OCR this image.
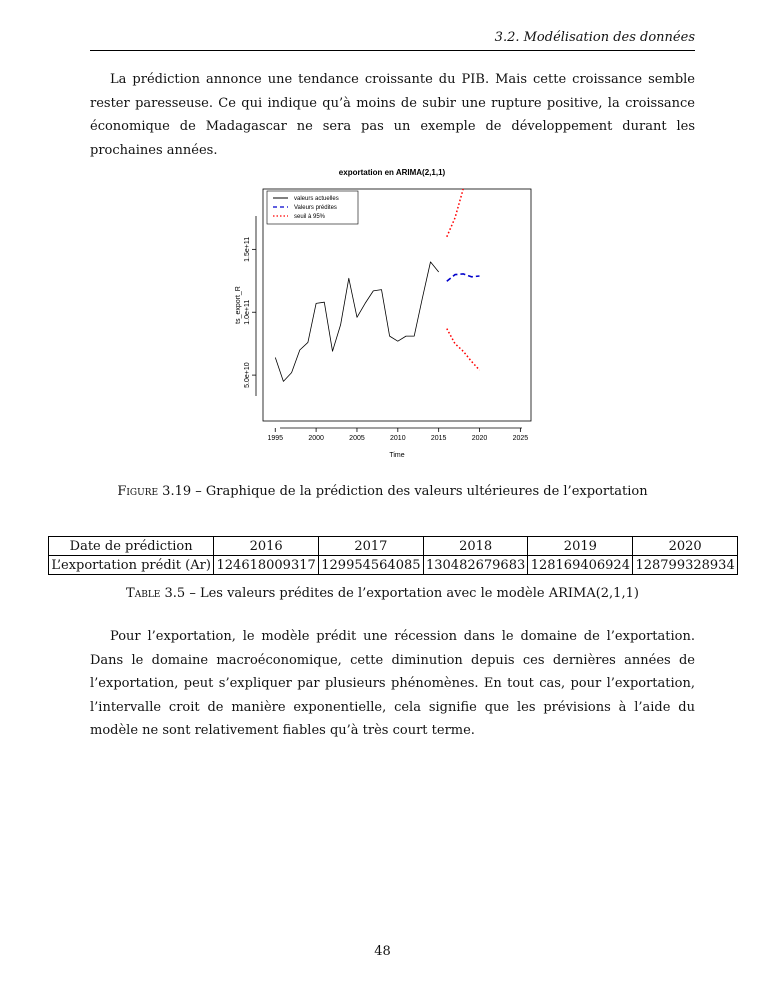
3.2. Modélisation des données

La prédiction annonce une tendance croissante du PIB. Mais cette croissance semble rester paresseuse. Ce qui indique qu’à moins de subir une rupture positive, la croissance économique de Madagascar ne sera pas un exemple de développement durant les prochaines années.

exportation en ARIMA(2,1,1)
1995	2000	2005	2010	2015	2020	2025
5.0e+10
1.0e+11
1.5e+11
Time
ts_export_R
valeurs actuelles
Valeurs prédites
seuil à 95%
Figure 3.19 – Graphique de la prédiction des valeurs ultérieures de l’exportation
Date de prédiction	2016	2017	2018	2019	2020
L’exportation prédit (Ar)	124618009317	129954564085	130482679683	128169406924	128799328934
Table 3.5 – Les valeurs prédites de l’exportation avec le modèle ARIMA(2,1,1)

Pour l’exportation, le modèle prédit une récession dans le domaine de l’exportation. Dans le domaine macroéconomique, cette diminution depuis ces dernières années de l’exportation, peut s’expliquer par plusieurs phénomènes. En tout cas, pour l’exportation, l’intervalle croit de manière exponentielle, cela signifie que les prévisions à l’aide du modèle ne sont relativement fiables qu’à très court terme.

48
